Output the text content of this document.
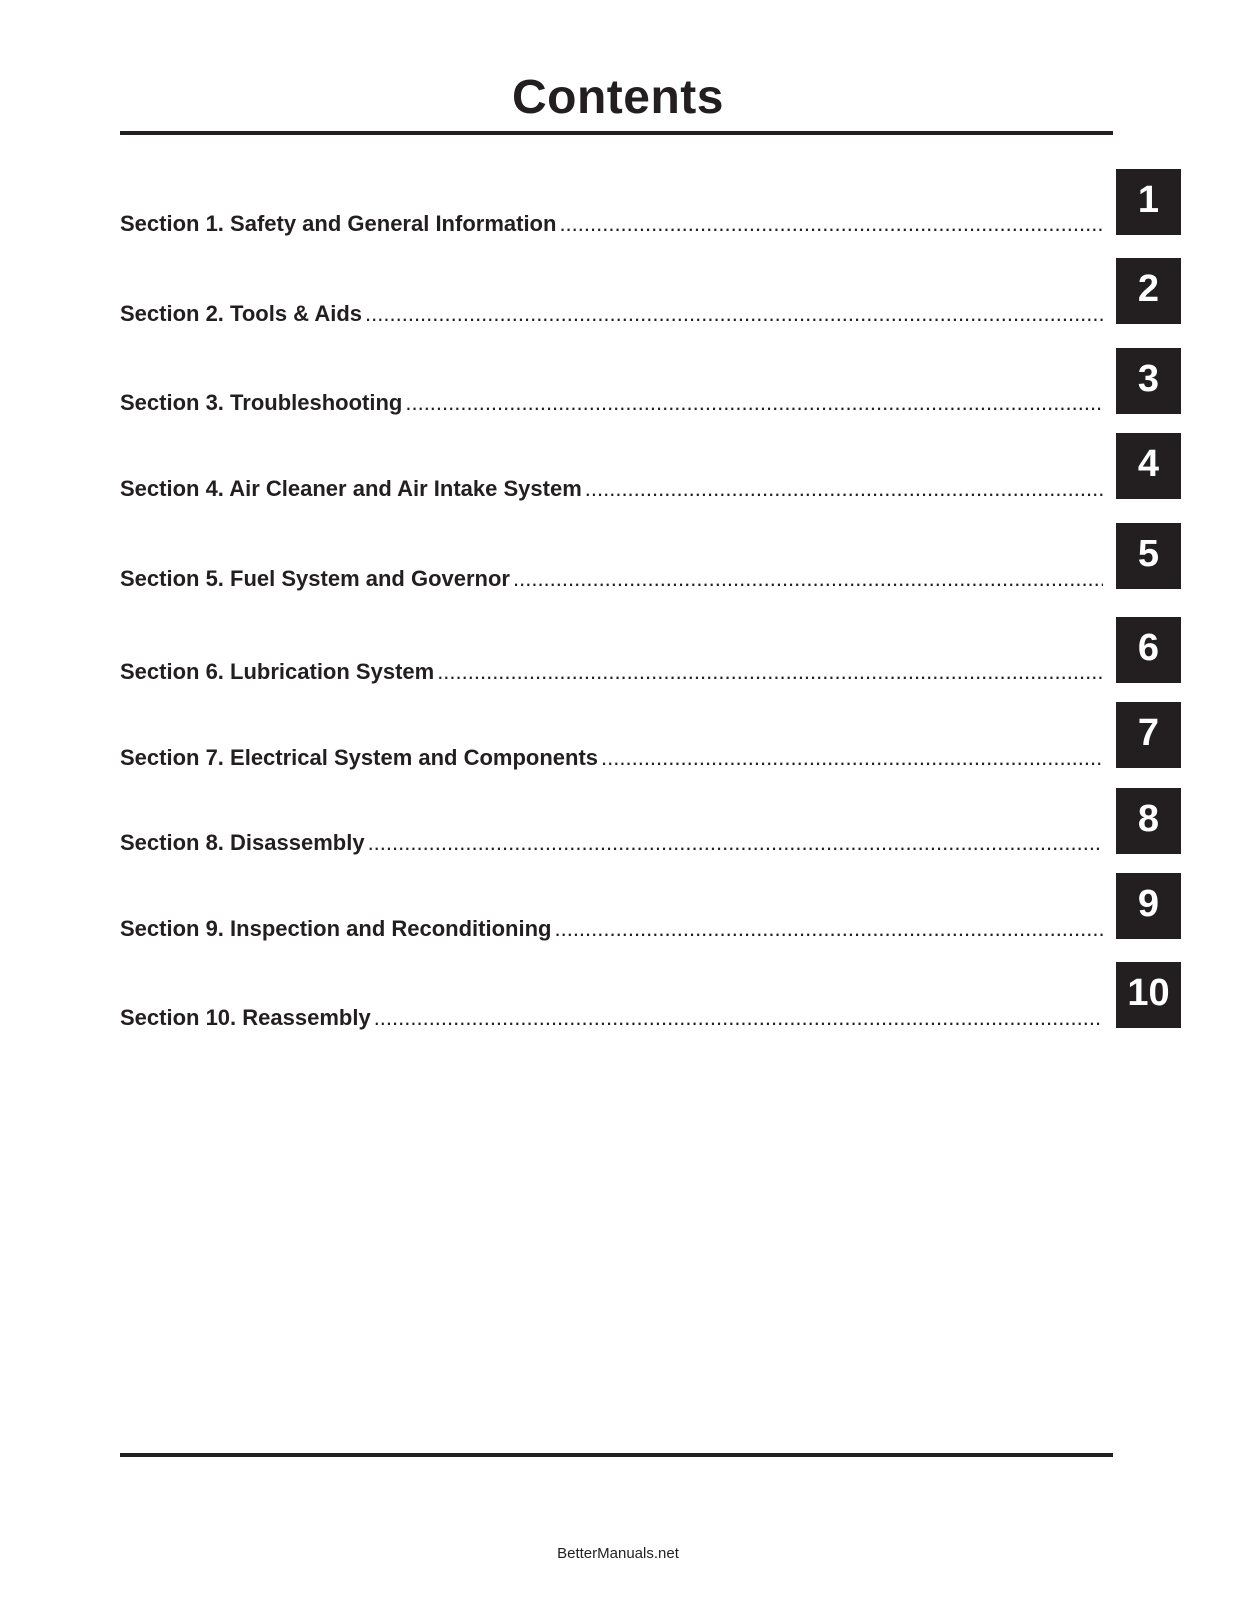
Contents
Section 1. Safety and General Information
.....
1
Section 2. Tools & Aids
.....
2
Section 3. Troubleshooting
.....
3
Section 4. Air Cleaner and Air Intake System
.....
4
Section 5. Fuel System and Governor
.....
5
Section 6. Lubrication System
.....
6
Section 7. Electrical System and Components
.....
7
Section 8. Disassembly
.....
8
Section 9. Inspection and Reconditioning
.....
9
Section 10. Reassembly
.....
10
BetterManuals.net
